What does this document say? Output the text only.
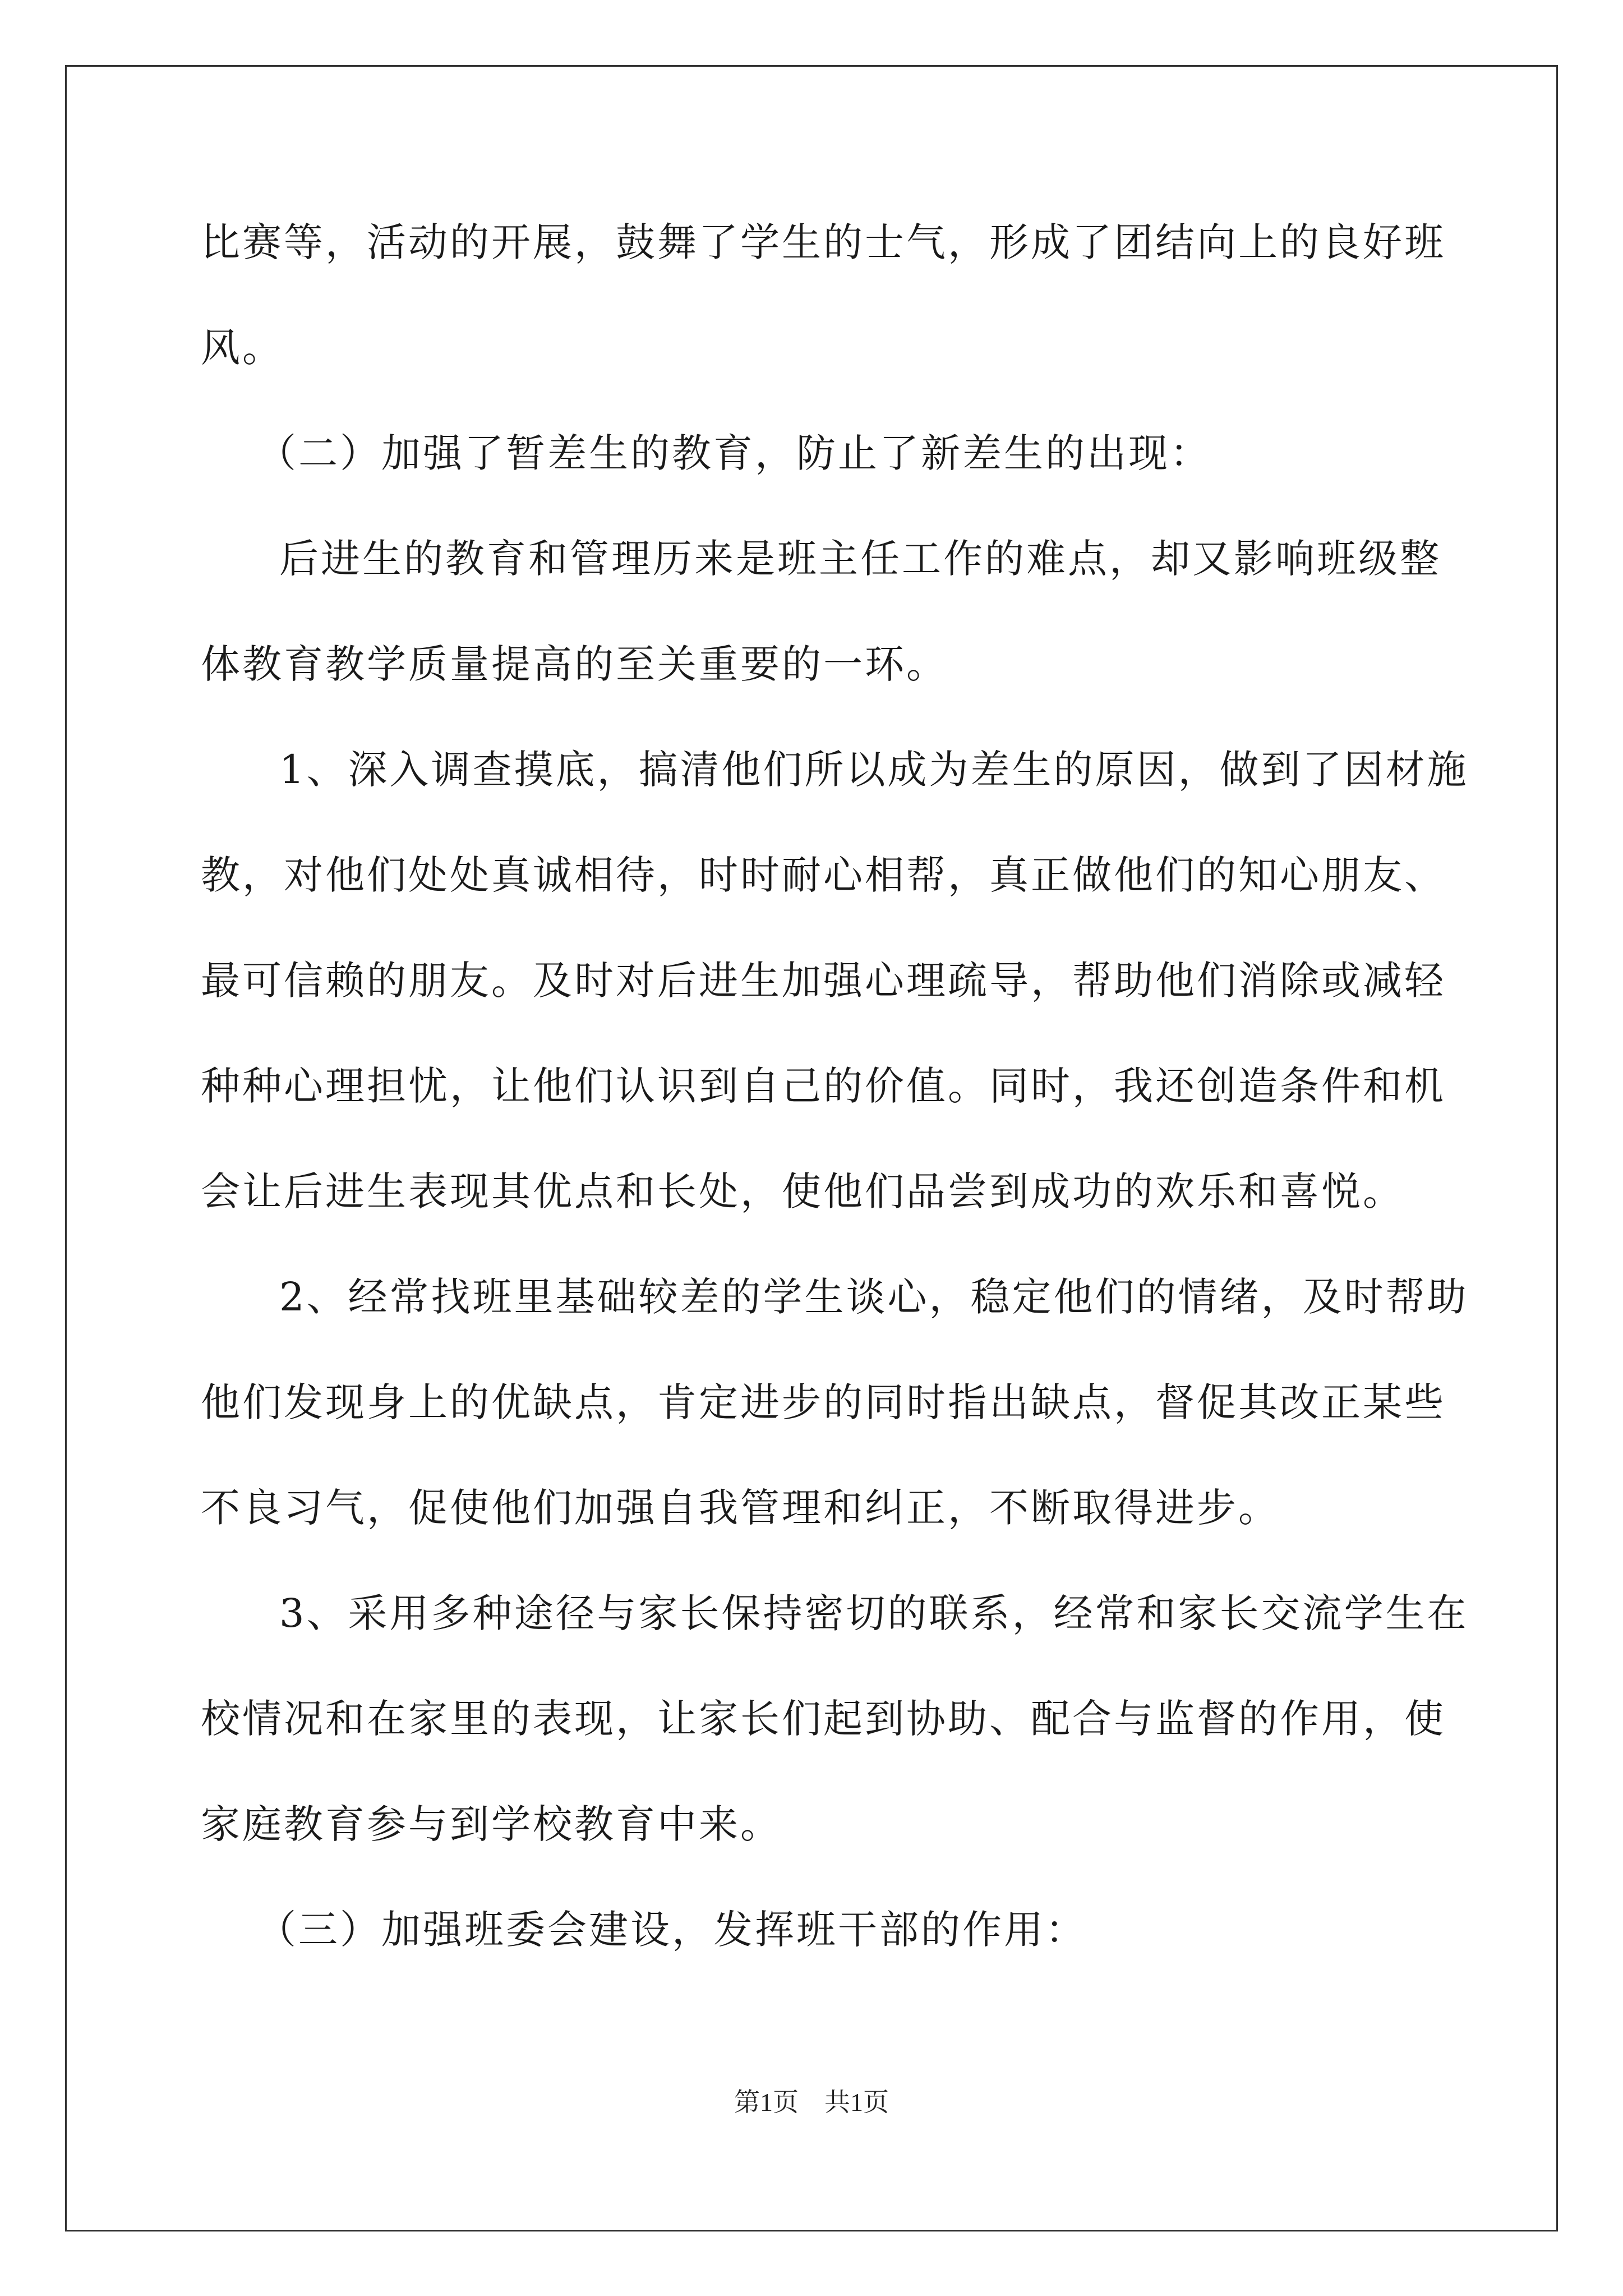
比赛等，活动的开展，鼓舞了学生的士气，形成了团结向上的良好班
风。
（二）加强了暂差生的教育，防止了新差生的出现：
后进生的教育和管理历来是班主任工作的难点，却又影响班级整
体教育教学质量提高的至关重要的一环。
1、深入调查摸底，搞清他们所以成为差生的原因，做到了因材施
教，对他们处处真诚相待，时时耐心相帮，真正做他们的知心朋友、
最可信赖的朋友。及时对后进生加强心理疏导，帮助他们消除或减轻
种种心理担忧，让他们认识到自己的价值。同时，我还创造条件和机
会让后进生表现其优点和长处，使他们品尝到成功的欢乐和喜悦。
2、经常找班里基础较差的学生谈心，稳定他们的情绪，及时帮助
他们发现身上的优缺点，肯定进步的同时指出缺点，督促其改正某些
不良习气，促使他们加强自我管理和纠正，不断取得进步。
3、采用多种途径与家长保持密切的联系，经常和家长交流学生在
校情况和在家里的表现，让家长们起到协助、配合与监督的作用，使
家庭教育参与到学校教育中来。
（三）加强班委会建设，发挥班干部的作用：
第1页　共1页
